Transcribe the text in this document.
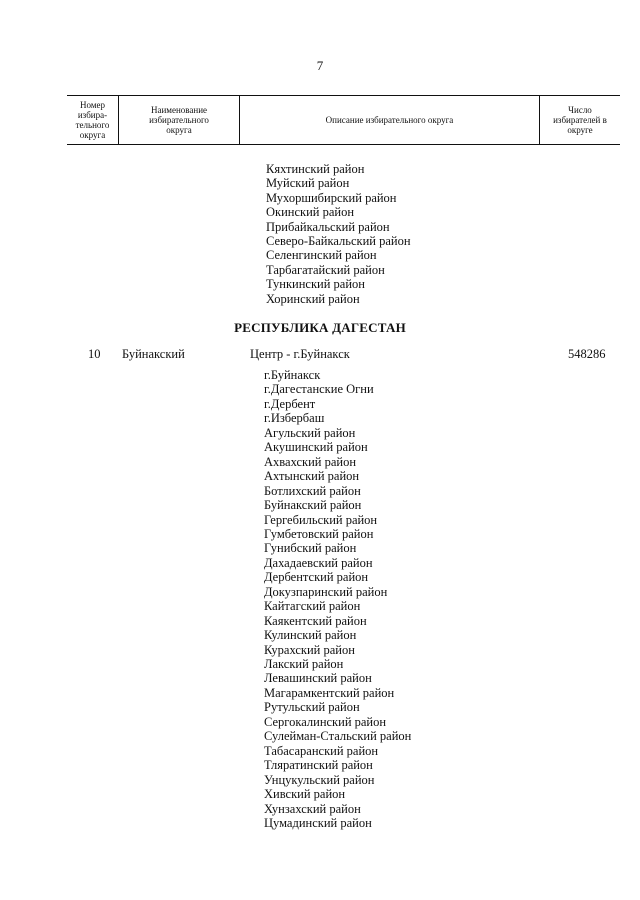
7
Номер
избира-
тельного
округа
Наименование
избирательного
округа
Описание избирательного округа
Число
избирателей в
округе
Кяхтинский район
Муйский район
Мухоршибирский район
Окинский район
Прибайкальский район
Северо-Байкальский район
Селенгинский район
Тарбагатайский район
Тункинский район
Хоринский район
РЕСПУБЛИКА ДАГЕСТАН
10 Буйнакский	Центр - г.Буйнакск	548286
г.Буйнакск
г.Дагестанские Огни
г.Дербент
г.Избербаш
Агульский район
Акушинский район
Ахвахский район
Ахтынский район
Ботлихский район
Буйнакский район
Гергебильский район
Гумбетовский район
Гунибский район
Дахадаевский район
Дербентский район
Докузпаринский район
Кайтагский район
Каякентский район
Кулинский район
Курахский район
Лакский район
Левашинский район
Магарамкентский район
Рутульский район
Сергокалинский район
Сулейман-Стальский район
Табасаранский район
Тляратинский район
Унцукульский район
Хивский район
Хунзахский район
Цумадинский район
